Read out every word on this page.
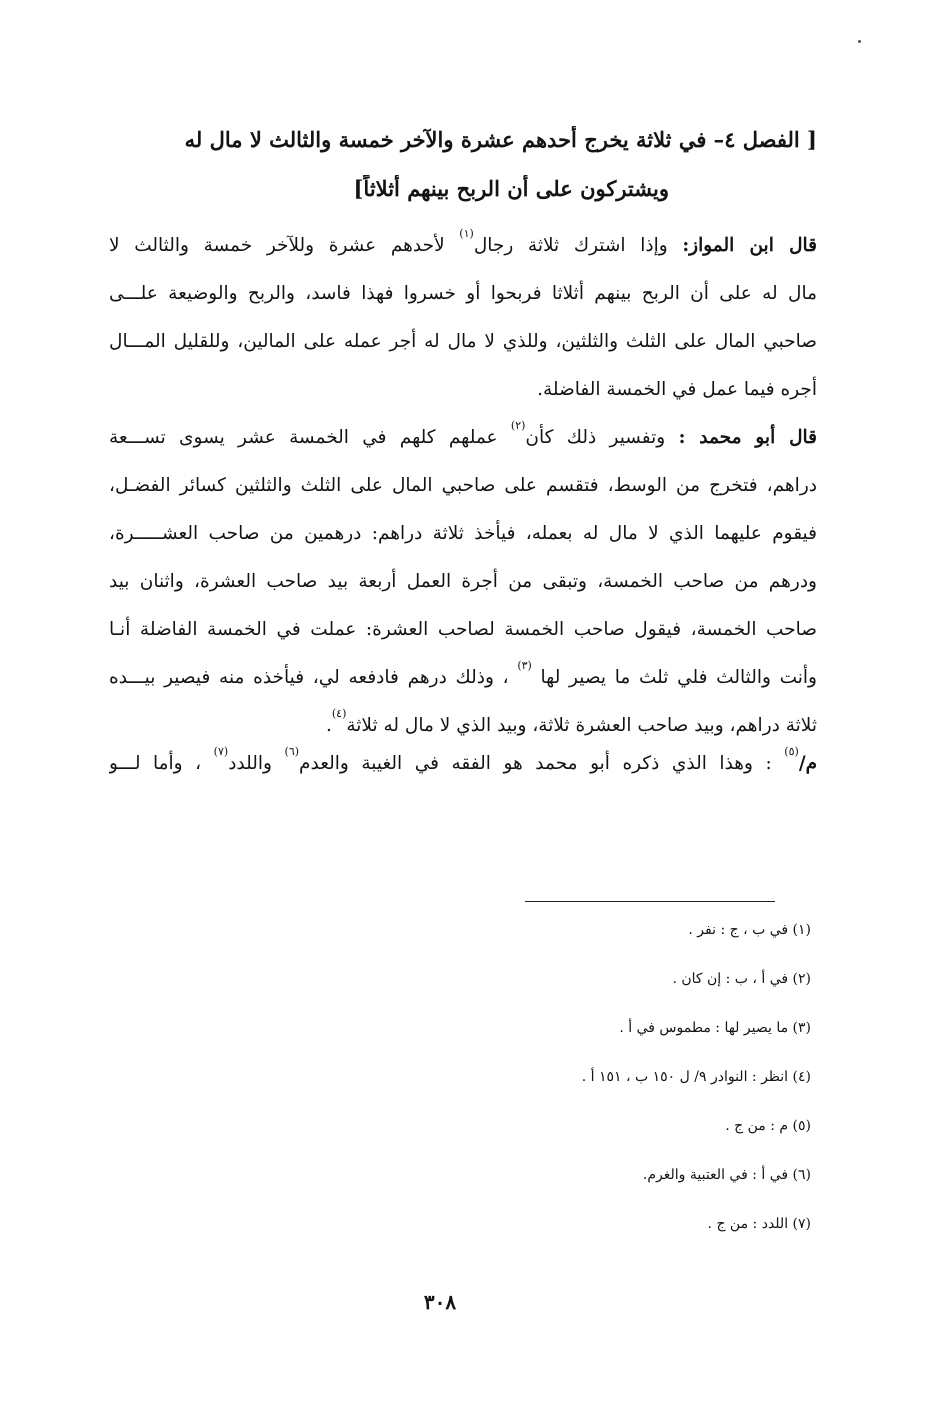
[ الفصل ٤– في ثلاثة يخرج أحدهم عشرة والآخر خمسة والثالث لا مال له
ويشتركون على أن الربح بينهم أثلاثاً]
قال ابن المواز: وإذا اشترك ثلاثة رجال$^{(١)}$ لأحدهم عشرة وللآخر خمسة والثالث لا
مال له على أن الربح بينهم أثلاثا فربحوا أو خسروا فهذا فاسد، والربح والوضيعة علـــى
صاحبي المال على الثلث والثلثين، وللذي لا مال له أجر عمله على المالين، وللقليل المـــال
أجره فيما عمل في الخمسة الفاضلة.
قال أبو محمد : وتفسير ذلك كأن$^{(٢)}$ عملهم كلهم في الخمسة عشر يسوى تســـعة
دراهم، فتخرج من الوسط، فتقسم على صاحبي المال على الثلث والثلثين كسائر الفضـل،
فيقوم عليهما الذي لا مال له بعمله، فيأخذ ثلاثة دراهم: درهمين من صاحب العشـــــرة،
ودرهم من صاحب الخمسة، وتبقى من أجرة العمل أربعة بيد صاحب العشرة، واثنان بيد
صاحب الخمسة، فيقول صاحب الخمسة لصاحب العشرة: عملت في الخمسة الفاضلة أنـا
وأنت والثالث فلي ثلث ما يصير لها $^{(٣)}$ ، وذلك درهم فادفعه لي، فيأخذه منه فيصير بيـــده
ثلاثة دراهم، وبيد صاحب العشرة ثلاثة، وبيد الذي لا مال له ثلاثة$^{(٤)}$.
م/$^{(٥)}$ : وهذا الذي ذكره أبو محمد هو الفقه في الغيبة والعدم$^{(٦)}$ واللدد$^{(٧)}$ ، وأما لـــو
(١) في ب ، ج : نفر .
(٢) في أ ، ب : إن كان .
(٣) ما يصير لها : مطموس في أ .
(٤) انظر : النوادر ٩/ ل ١٥٠ ب ، ١٥١ أ .
(٥) م : من ج .
(٦) في أ : في العتبية والغرم.
(٧) اللدد : من ج .
٣٠٨
